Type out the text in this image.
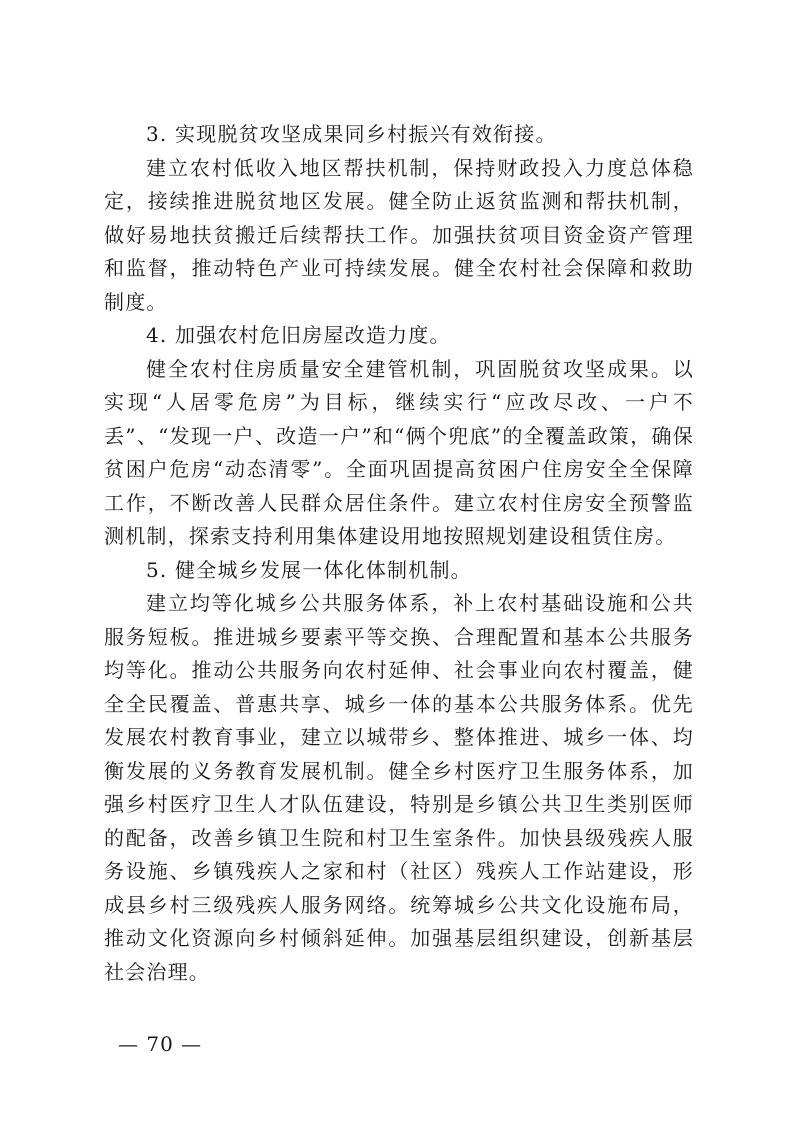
3. 实现脱贫攻坚成果同乡村振兴有效衔接。

建立农村低收入地区帮扶机制，保持财政投入力度总体稳定，接续推进脱贫地区发展。健全防止返贫监测和帮扶机制，做好易地扶贫搬迁后续帮扶工作。加强扶贫项目资金资产管理和监督，推动特色产业可持续发展。健全农村社会保障和救助制度。

4. 加强农村危旧房屋改造力度。

健全农村住房质量安全建管机制，巩固脱贫攻坚成果。以实现“人居零危房”为目标，继续实行“应改尽改、一户不丢”、“发现一户、改造一户”和“俩个兜底”的全覆盖政策，确保贫困户危房“动态清零”。全面巩固提高贫困户住房安全全保障工作，不断改善人民群众居住条件。建立农村住房安全预警监测机制，探索支持利用集体建设用地按照规划建设租赁住房。

5. 健全城乡发展一体化体制机制。

建立均等化城乡公共服务体系，补上农村基础设施和公共服务短板。推进城乡要素平等交换、合理配置和基本公共服务均等化。推动公共服务向农村延伸、社会事业向农村覆盖，健全全民覆盖、普惠共享、城乡一体的基本公共服务体系。优先发展农村教育事业，建立以城带乡、整体推进、城乡一体、均衡发展的义务教育发展机制。健全乡村医疗卫生服务体系，加强乡村医疗卫生人才队伍建设，特别是乡镇公共卫生类别医师的配备，改善乡镇卫生院和村卫生室条件。加快县级残疾人服务设施、乡镇残疾人之家和村（社区）残疾人工作站建设，形成县乡村三级残疾人服务网络。统筹城乡公共文化设施布局，推动文化资源向乡村倾斜延伸。加强基层组织建设，创新基层社会治理。

— 70 —
